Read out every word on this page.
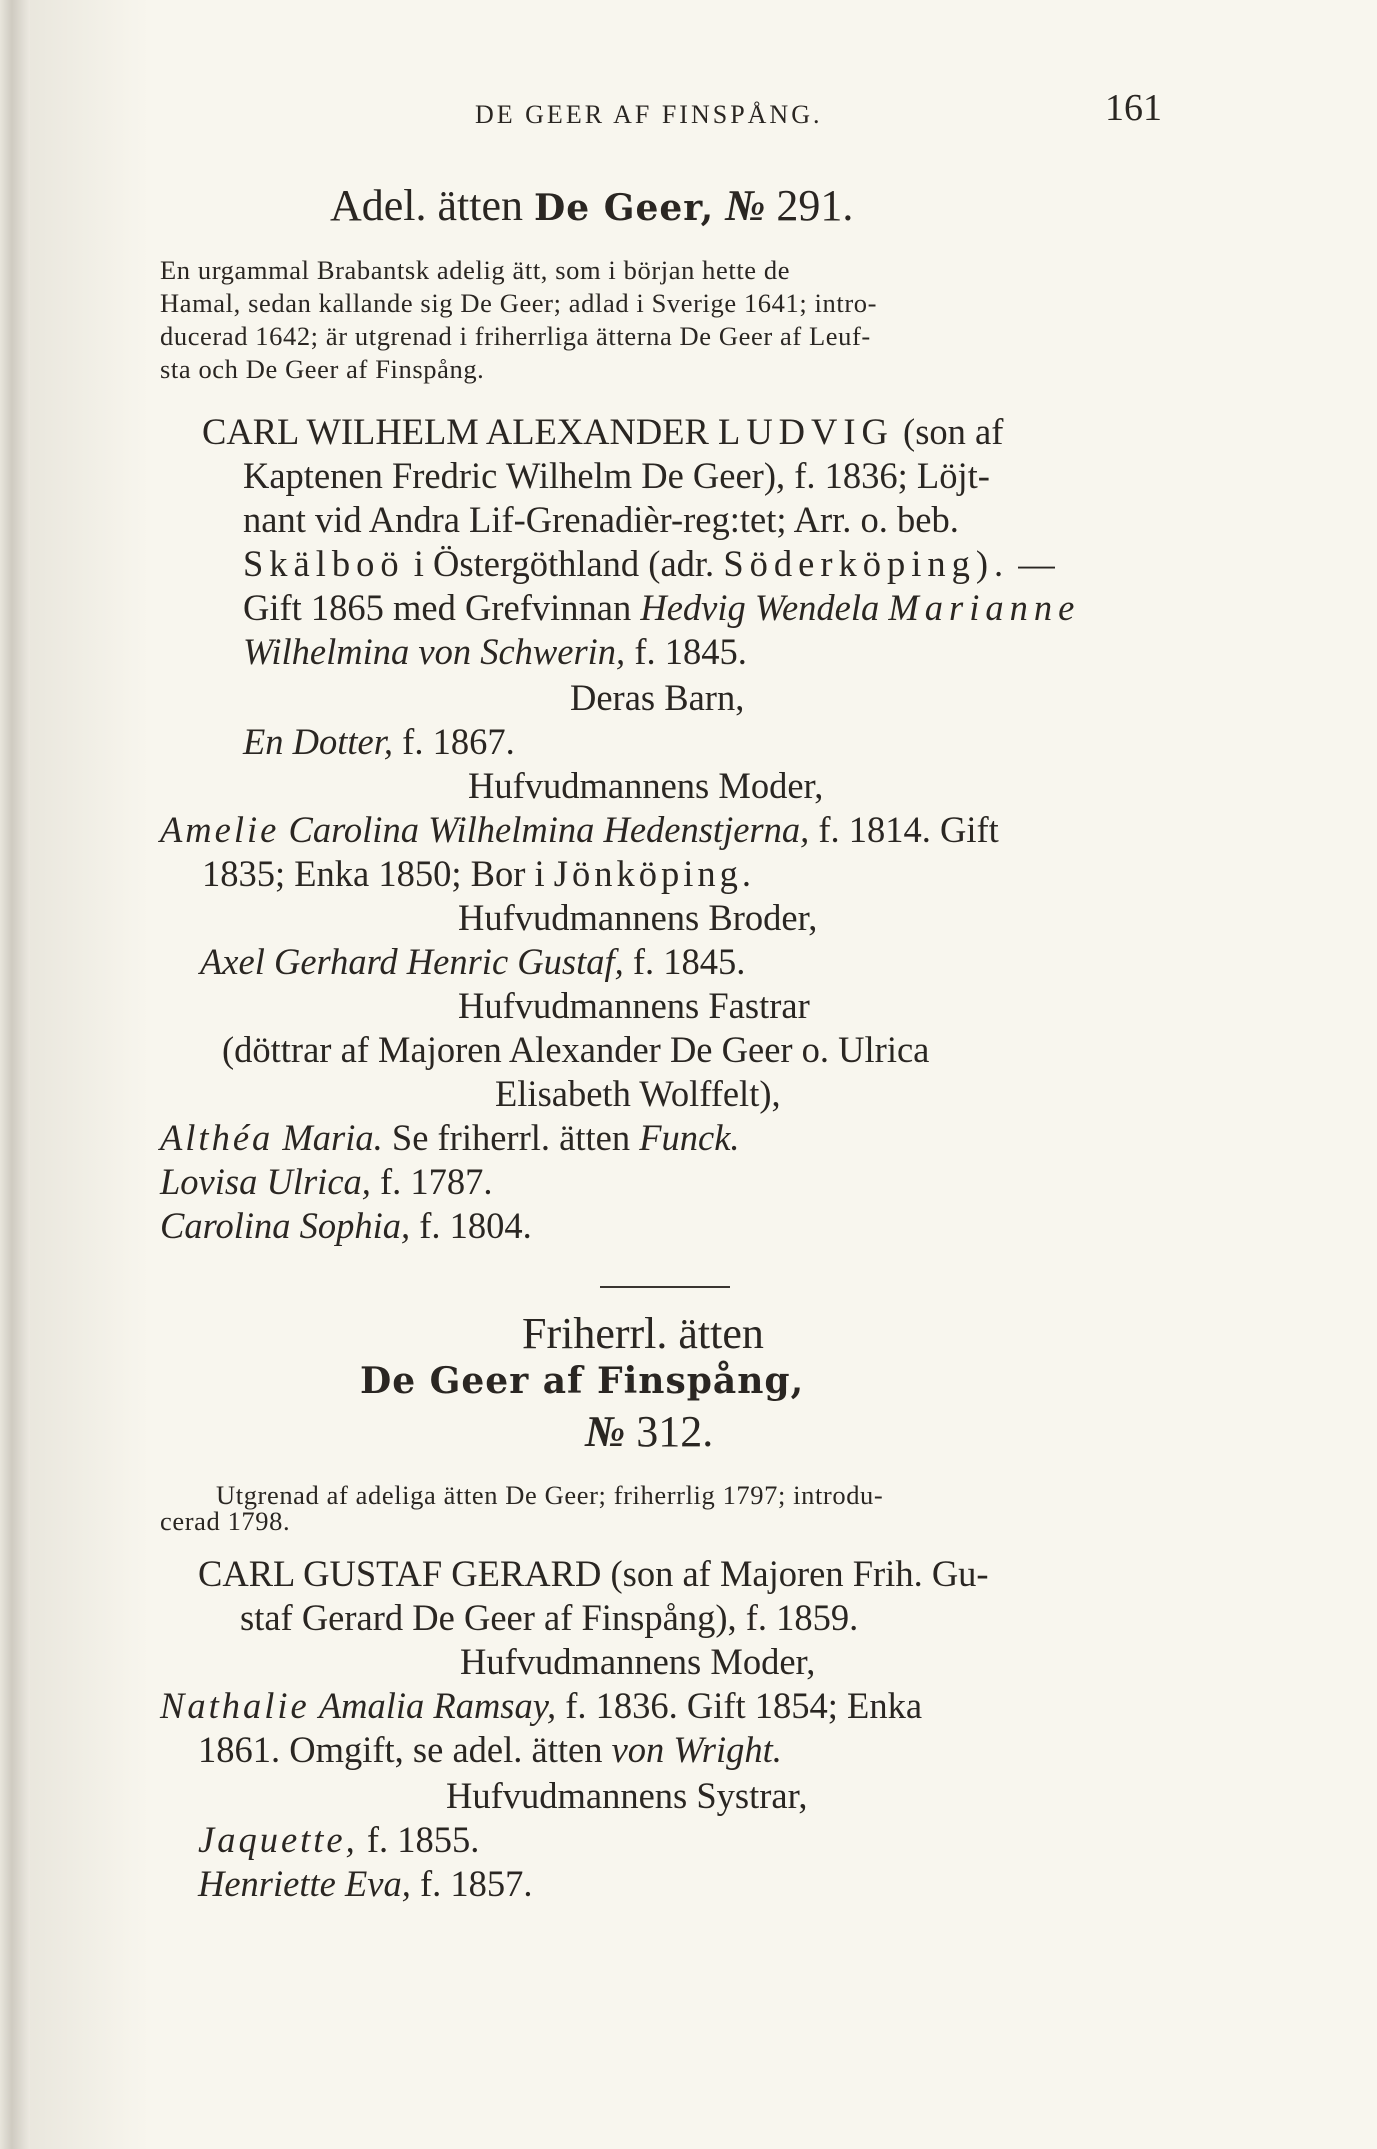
DE GEER AF FINSPÅNG.	161
Adel. ätten De Geer, № 291.
En urgammal Brabantsk adelig ätt, som i början hette de
Hamal, sedan kallande sig De Geer; adlad i Sverige 1641; intro-
ducerad 1642; är utgrenad i friherrliga ätterna De Geer af Leuf-
sta och De Geer af Finspång.
CARL WILHELM ALEXANDER LUDVIG (son af
Kaptenen Fredric Wilhelm De Geer), f. 1836; Löjt-
nant vid Andra Lif-Grenadièr-reg:tet; Arr. o. beb.
Skälboö i Östergöthland (adr. Söderköping). —
Gift 1865 med Grefvinnan Hedvig Wendela Marianne
Wilhelmina von Schwerin, f. 1845.
Deras Barn,
En Dotter, f. 1867.
Hufvudmannens Moder,
Amelie Carolina Wilhelmina Hedenstjerna, f. 1814. Gift
1835; Enka 1850; Bor i Jönköping.
Hufvudmannens Broder,
Axel Gerhard Henric Gustaf, f. 1845.
Hufvudmannens Fastrar
(döttrar af Majoren Alexander De Geer o. Ulrica
Elisabeth Wolffelt),
Althéa Maria. Se friherrl. ätten Funck.
Lovisa Ulrica, f. 1787.
Carolina Sophia, f. 1804.
Friherrl. ätten
De Geer af Finspång,
№ 312.
Utgrenad af adeliga ätten De Geer; friherrlig 1797; introdu-
cerad 1798.
CARL GUSTAF GERARD (son af Majoren Frih. Gu-
staf Gerard De Geer af Finspång), f. 1859.
Hufvudmannens Moder,
Nathalie Amalia Ramsay, f. 1836. Gift 1854; Enka
1861. Omgift, se adel. ätten von Wright.
Hufvudmannens Systrar,
Jaquette, f. 1855.
Henriette Eva, f. 1857.
